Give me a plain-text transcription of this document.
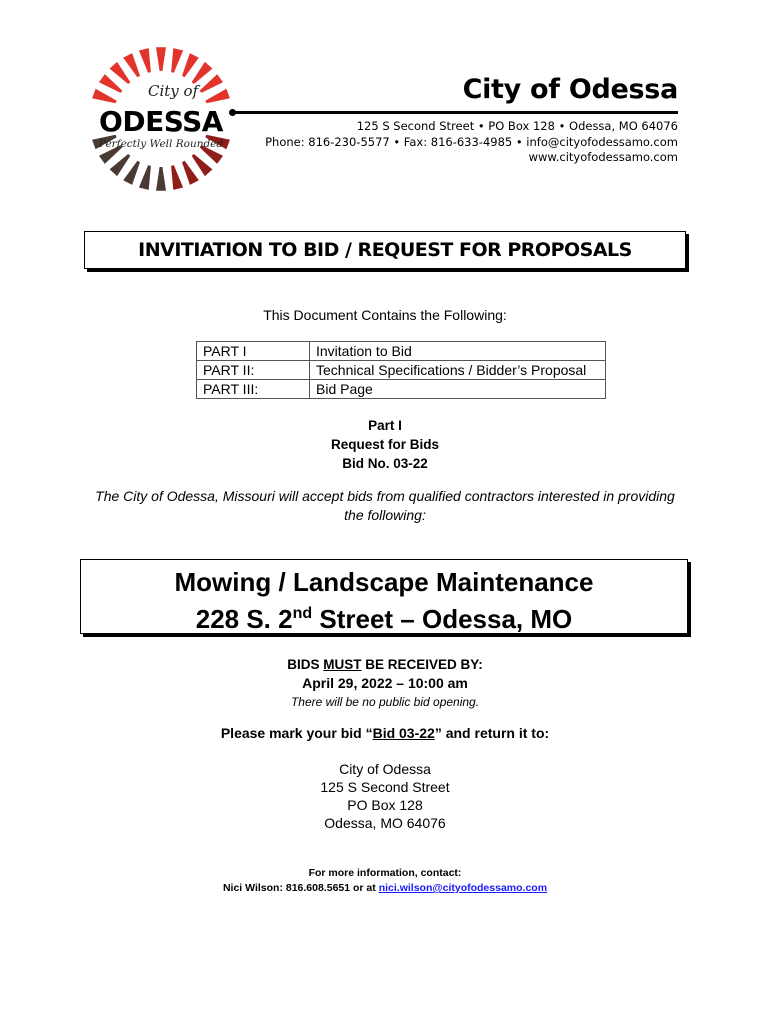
City of
ODESSA
Perfectly Well Rounded
City of Odessa
125 S Second Street • PO Box 128 • Odessa, MO 64076
Phone: 816-230-5577 • Fax: 816-633-4985 • info@cityofodessamo.com
www.cityofodessamo.com
INVITIATION TO BID / REQUEST FOR PROPOSALS
This Document Contains the Following:
PART I	Invitation to Bid
PART II:	Technical Specifications / Bidder’s Proposal
PART III:	Bid Page
Part I
Request for Bids
Bid No. 03-22
The City of Odessa, Missouri will accept bids from qualified contractors interested in providing the following:
Mowing / Landscape Maintenance
228 S. 2nd Street – Odessa, MO
BIDS MUST BE RECEIVED BY:
April 29, 2022 – 10:00 am
There will be no public bid opening.
Please mark your bid “Bid 03-22” and return it to:
City of Odessa
125 S Second Street
PO Box 128
Odessa, MO 64076
For more information, contact:
Nici Wilson: 816.608.5651 or at nici.wilson@cityofodessamo.com
